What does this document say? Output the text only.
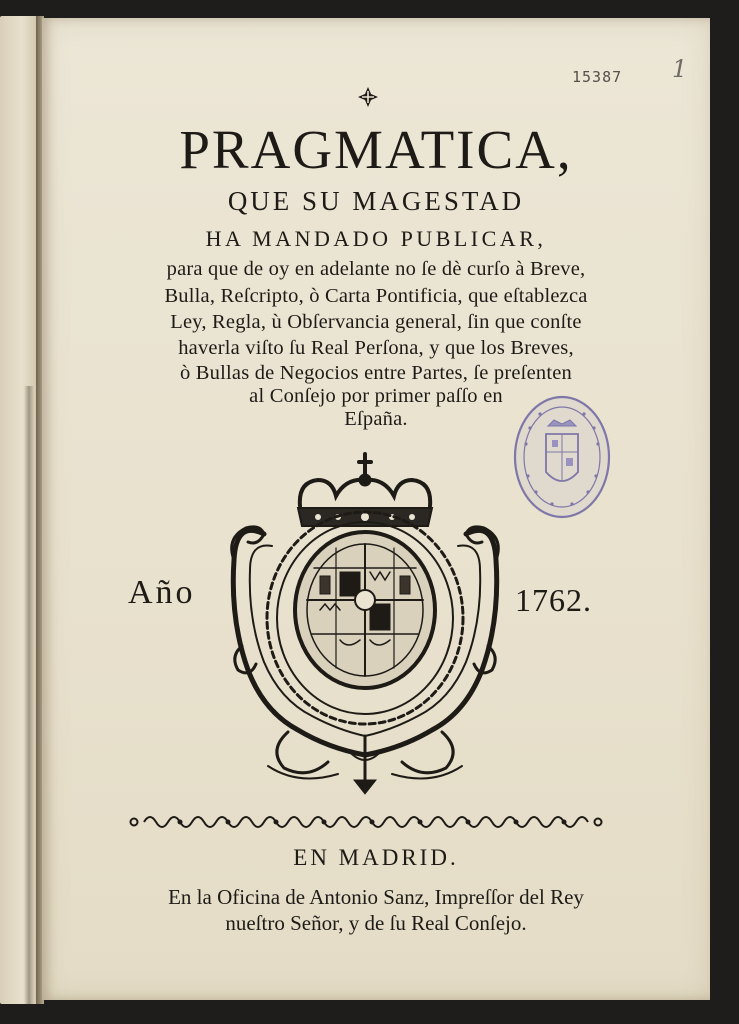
15387 1
PRAGMATICA,
QUE SU MAGESTAD
HA MANDADO PUBLICAR,
para que de oy en adelante no ſe dè curſo à Breve,
Bulla, Reſcripto, ò Carta Pontificia, que eſtablezca
Ley, Regla, ù Obſervancia general, ſin que conſte
haverla viſto ſu Real Perſona, y que los Breves,
ò Bullas de Negocios entre Partes, ſe preſenten
al Conſejo por primer paſſo en
Eſpaña.
Año	1762.
EN MADRID.
En la Oficina de Antonio Sanz, Impreſſor del Rey
nueſtro Señor, y de ſu Real Conſejo.
